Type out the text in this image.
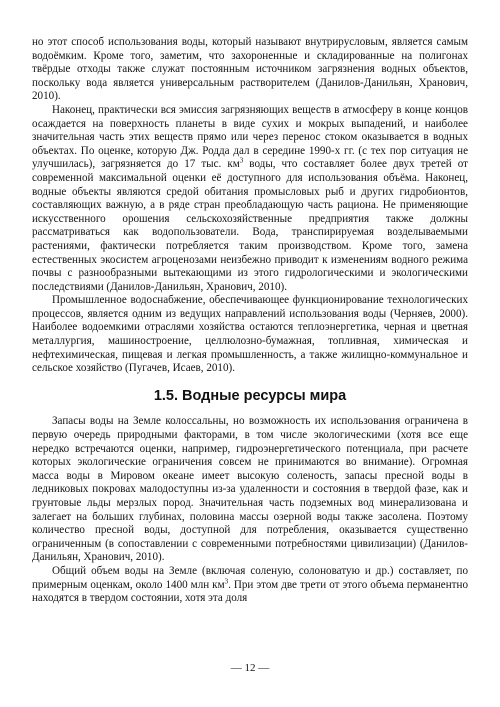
но этот способ использования воды, который называют внутрирусловым, является самым водоёмким. Кроме того, заметим, что захороненные и складированные на полигонах твёрдые отходы также служат постоянным источником загрязнения водных объектов, поскольку вода является универсальным растворителем (Данилов-Данильян, Хранович, 2010).

Наконец, практически вся эмиссия загрязняющих веществ в атмосферу в конце концов осаждается на поверхность планеты в виде сухих и мокрых выпадений, и наиболее значительная часть этих веществ прямо или через перенос стоком оказывается в водных объектах. По оценке, которую Дж. Родда дал в середине 1990-х гг. (с тех пор ситуация не улучшилась), загрязняется до 17 тыс. $км^3$ воды, что составляет более двух третей от современной максимальной оценки её доступного для использования объёма. Наконец, водные объекты являются средой обитания промысловых рыб и других гидробионтов, составляющих важную, а в ряде стран преобладающую часть рациона. Не применяющие искусственного орошения сельскохозяйственные предприятия также должны рассматриваться как водопользователи. Вода, транспирируемая возделываемыми растениями, фактически потребляется таким производством. Кроме того, замена естественных экосистем агроценозами неизбежно приводит к изменениям водного режима почвы с разнообразными вытекающими из этого гидрологическими и экологическими последствиями (Данилов-Данильян, Хранович, 2010).

Промышленное водоснабжение, обеспечивающее функционирование технологических процессов, является одним из ведущих направлений использования воды (Черняев, 2000). Наиболее водоемкими отраслями хозяйства остаются теплоэнергетика, черная и цветная металлургия, машиностроение, целлюлозно-бумажная, топливная, химическая и нефтехимическая, пищевая и легкая промышленность, а также жилищно-коммунальное и сельское хозяйство (Пугачев, Исаев, 2010).

1.5. Водные ресурсы мира

Запасы воды на Земле колоссальны, но возможность их использования ограничена в первую очередь природными факторами, в том числе экологическими (хотя все еще нередко встречаются оценки, например, гидроэнергетического потенциала, при расчете которых экологические ограничения совсем не принимаются во внимание). Огромная масса воды в Мировом океане имеет высокую соленость, запасы пресной воды в ледниковых покровах малодоступны из-за удаленности и состояния в твердой фазе, как и грунтовые льды мерзлых пород. Значительная часть подземных вод минерализована и залегает на больших глубинах, половина массы озерной воды также засолена. Поэтому количество пресной воды, доступной для потребления, оказывается существенно ограниченным (в сопоставлении с современными потребностями цивилизации) (Данилов-Данильян, Хранович, 2010).

Общий объем воды на Земле (включая соленую, солоноватую и др.) составляет, по примерным оценкам, около 1400 млн $км^3$. При этом две трети от этого объема перманентно находятся в твердом состоянии, хотя эта доля

— 12 —
